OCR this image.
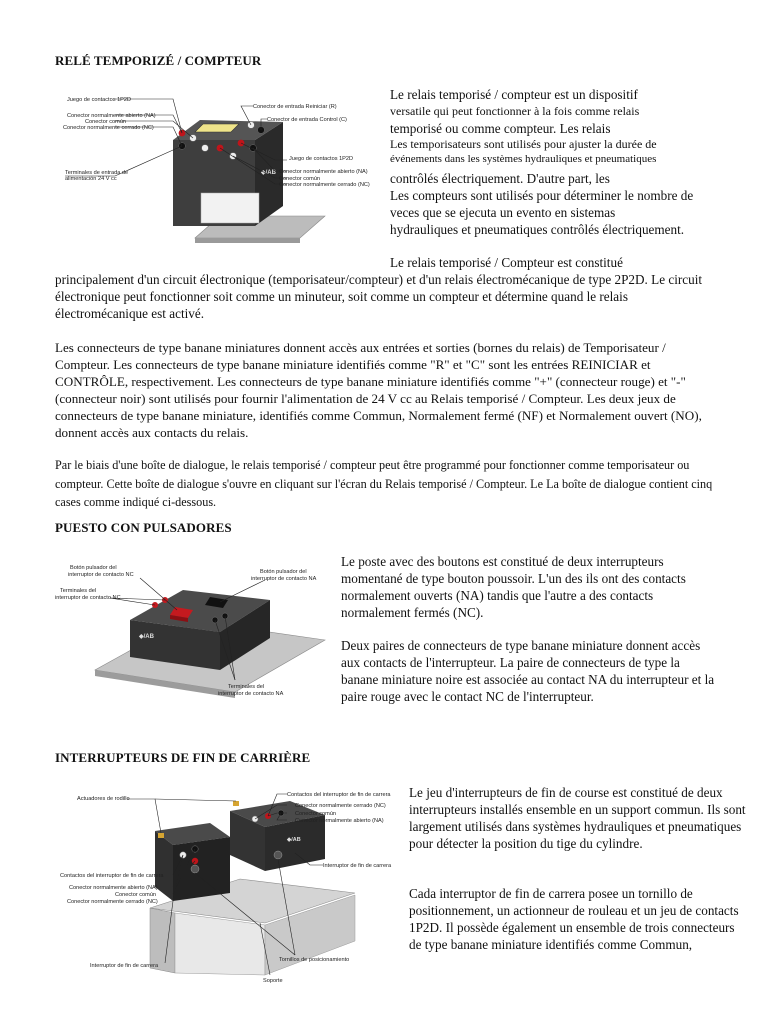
RELÉ TEMPORIZÉ / COMPTEUR
◆/AB
Juego de contactos 1P2D
Conector normalmente abierto (NA)
Conector común
Conector normalmente cerrado (NC)
Conector de entrada Reiniciar (R)
Conector de entrada Control (C)
Juego de contactos 1P2D
Conector normalmente abierto (NA)
Conector común
Conector normalmente cerrado (NC)
Terminales de entrada de
alimentación 24 V cc

Le relais temporisé / compteur est un dispositif

versatile qui peut fonctionner à la fois comme relais

temporisé ou comme compteur. Les relais

Les temporisateurs sont utilisés pour ajuster la durée de

événements dans les systèmes hydrauliques et pneumatiques

contrôlés électriquement. D'autre part, les

Les compteurs sont utilisés pour déterminer le nombre de

veces que se ejecuta un evento en sistemas

hydrauliques et pneumatiques contrôlés électriquement.

Le relais temporisé / Compteur est constitué

principalement d'un circuit électronique (temporisateur/compteur) et d'un relais électromécanique de type 2P2D. Le circuit électronique peut fonctionner soit comme un minuteur, soit comme un compteur et détermine quand le relais électromécanique est activé.

Les connecteurs de type banane miniatures donnent accès aux entrées et sorties (bornes du relais) de Temporisateur / Compteur. Les connecteurs de type banane miniature identifiés comme "R" et "C" sont les entrées REINICIAR et CONTRÔLE, respectivement. Les connecteurs de type banane miniature identifiés comme "+" (connecteur rouge) et "-" (connecteur noir) sont utilisés pour fournir l'alimentation de 24 V cc au Relais temporisé / Compteur. Les deux jeux de connecteurs de type banane miniature, identifiés comme Commun, Normalement fermé (NF) et Normalement ouvert (NO), donnent accès aux contacts du relais.

Par le biais d'une boîte de dialogue, le relais temporisé / compteur peut être programmé pour fonctionner comme temporisateur ou compteur. Cette boîte de dialogue s'ouvre en cliquant sur l'écran du Relais temporisé / Compteur. Le La boîte de dialogue contient cinq cases comme indiqué ci-dessous.

PUESTO CON PULSADORES
◆/AB
Botón pulsador del
interruptor de contacto NC	Botón pulsador del
interruptor de contacto NA
Terminales del
interruptor de contacto NC
Terminales del
interruptor de contacto NA

Le poste avec des boutons est constitué de deux interrupteurs momentané de type bouton poussoir. L'un des ils ont des contacts normalement ouverts (NA) tandis que l'autre a des contacts normalement fermés (NC).

Deux paires de connecteurs de type banane miniature donnent accès aux contacts de l'interrupteur. La paire de connecteurs de type la banane miniature noire est associée au contact NA du interrupteur et la paire rouge avec le contact NC de l'interrupteur.

INTERRUPTEURS DE FIN DE CARRIÈRE
◆/AB
Actuadores de rodillo
Contactos del interruptor de fin de carrera
Conector normalmente cerrado (NC)
Conector común
Conector normalmente abierto (NA)
Contactos del interruptor de fin de carrera
Conector normalmente abierto (NA)
Conector común
Conector normalmente cerrado (NC)
Interruptor de fin de carrera
Interruptor de fin de carrera
Tornillos de posicionamiento
Soporte

Le jeu d'interrupteurs de fin de course est constitué de deux interrupteurs installés ensemble en un support commun. Ils sont largement utilisés dans systèmes hydrauliques et pneumatiques pour détecter la position du tige du cylindre.

Cada interruptor de fin de carrera posee un tornillo de positionnement, un actionneur de rouleau et un jeu de contacts 1P2D. Il possède également un ensemble de trois connecteurs de type banane miniature identifiés comme Commun,
